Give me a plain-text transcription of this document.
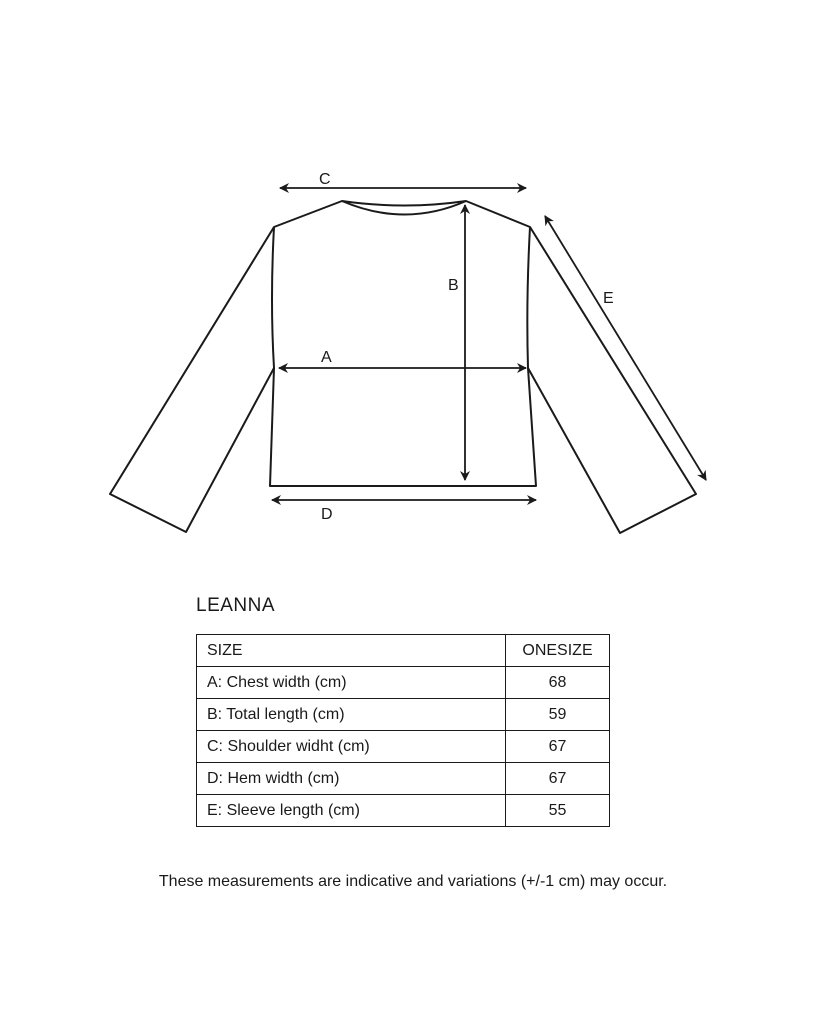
C
B
A
D
E
LEANNA
SIZE	ONESIZE
A: Chest width (cm)	68
B: Total length (cm)	59
C: Shoulder widht (cm)	67
D: Hem width (cm)	67
E: Sleeve length (cm)	55
These measurements are indicative and variations (+/-1 cm) may occur.
